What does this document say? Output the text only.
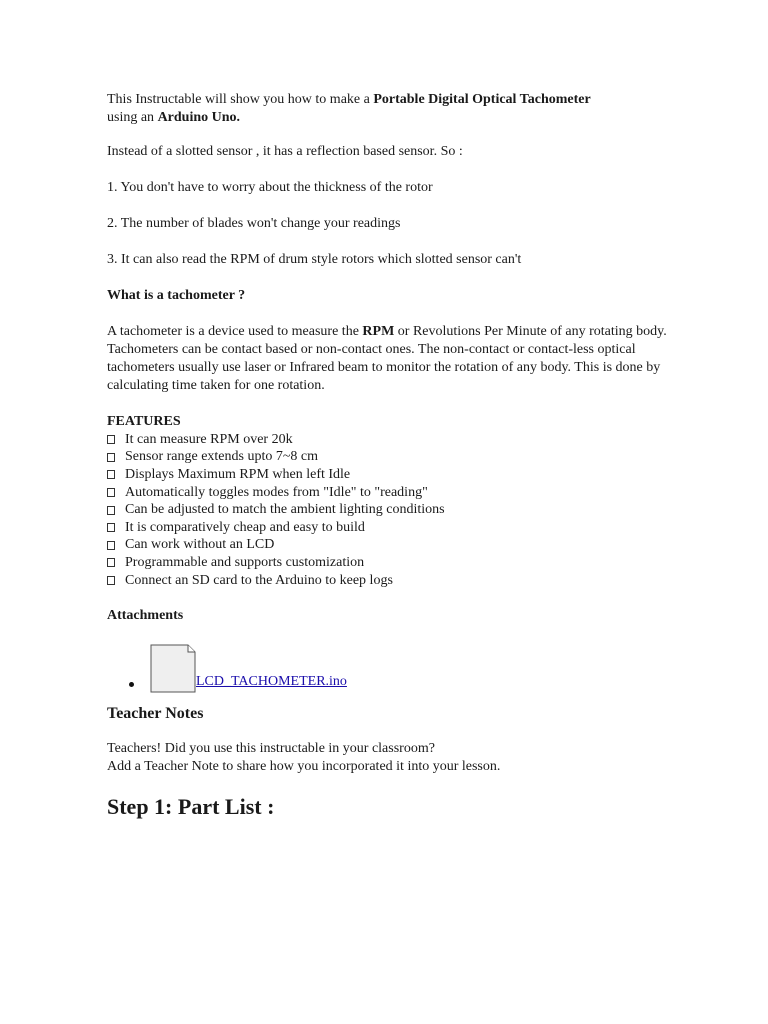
This Instructable will show you how to make a Portable Digital Optical Tachometer
using an Arduino Uno.

Instead of a slotted sensor , it has a reflection based sensor. So :

1. You don't have to worry about the thickness of the rotor

2. The number of blades won't change your readings

3. It can also read the RPM of drum style rotors which slotted sensor can't

What is a tachometer ?

A tachometer is a device used to measure the RPM or Revolutions Per Minute of any rotating body. Tachometers can be contact based or non-contact ones. The non-contact or contact-less optical tachometers usually use laser or Infrared beam to monitor the rotation of any body. This is done by calculating time taken for one rotation.

FEATURES

It can measure RPM over 20k
Sensor range extends upto 7~8 cm
Displays Maximum RPM when left Idle
Automatically toggles modes from "Idle" to "reading"
Can be adjusted to match the ambient lighting conditions
It is comparatively cheap and easy to build
Can work without an LCD
Programmable and supports customization
Connect an SD card to the Arduino to keep logs

Attachments

LCD_TACHOMETER.ino

Teacher Notes

Teachers! Did you use this instructable in your classroom?
Add a Teacher Note to share how you incorporated it into your lesson.

Step 1: Part List :
